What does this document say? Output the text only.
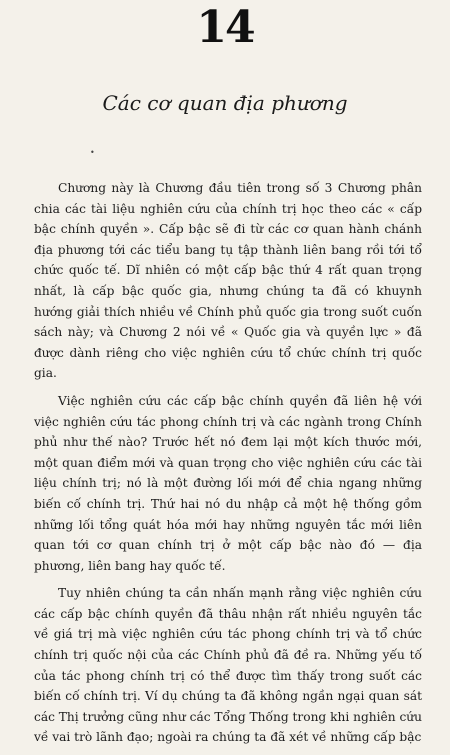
14
Các cơ quan địa phương
•

Chương này là Chương đầu tiên trong số 3 Chương phân chia các tài liệu nghiên cứu của chính trị học theo các « cấp bậc chính quyền ». Cấp bậc sẽ đi từ các cơ quan hành chánh địa phương tới các tiểu bang tụ tập thành liên bang rồi tới tổ chức quốc tế. Dĩ nhiên có một cấp bậc thứ 4 rất quan trọng nhất, là cấp bậc quốc gia, nhưng chúng ta đã có khuynh hướng giải thích nhiều về Chính phủ quốc gia trong suốt cuốn sách này; và Chương 2 nói về « Quốc gia và quyền lực » đã được dành riêng cho việc nghiên cứu tổ chức chính trị quốc gia.

Việc nghiên cứu các cấp bậc chính quyền đã liên hệ với việc nghiên cứu tác phong chính trị và các ngành trong Chính phủ như thế nào? Trước hết nó đem lại một kích thước mới, một quan điểm mới và quan trọng cho việc nghiên cứu các tài liệu chính trị; nó là một đường lối mới để chia ngang những biến cố chính trị. Thứ hai nó du nhập cả một hệ thống gồm những lối tổng quát hóa mới hay những nguyên tắc mới liên quan tới cơ quan chính trị ở một cấp bậc nào đó — địa phương, liên bang hay quốc tế.

Tuy nhiên chúng ta cần nhấn mạnh rằng việc nghiên cứu các cấp bậc chính quyền đã thâu nhận rất nhiều nguyên tắc về giá trị mà việc nghiên cứu tác phong chính trị và tổ chức chính trị quốc nội của các Chính phủ đã đề ra. Những yếu tố của tác phong chính trị có thể được tìm thấy trong suốt các biến cố chính trị. Ví dụ chúng ta đã không ngần ngại quan sát các Thị trưởng cũng như các Tổng Thống trong khi nghiên cứu về vai trò lãnh đạo; ngoài ra chúng ta đã xét về những cấp bậc
